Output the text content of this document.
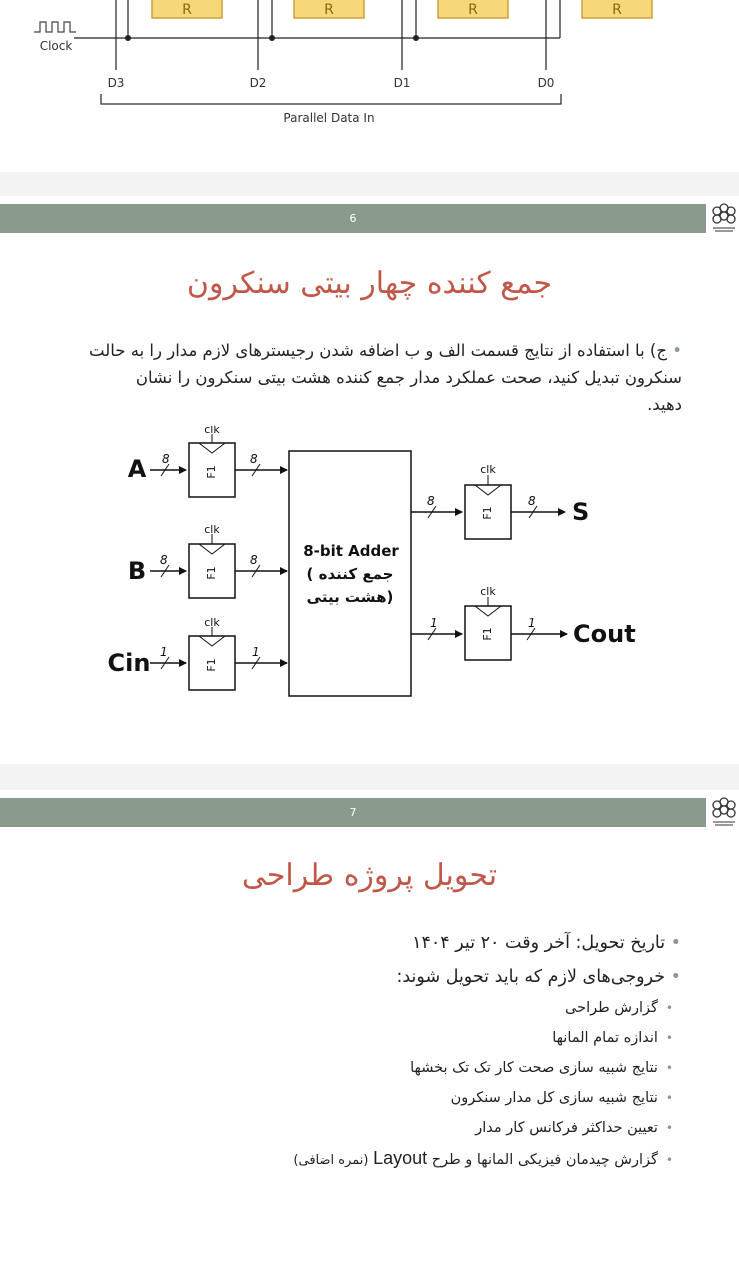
R	R	R	R
Clock
D3	D2	D1	D0
Parallel Data In
6
جمع کننده چهار بیتی سنکرون
• ج) با استفاده از نتایج قسمت الف و ب اضافه شدن رجیسترهای لازم مدار را به حالت
سنکرون تبدیل کنید، صحت عملکرد مدار جمع کننده هشت بیتی سنکرون را نشان
دهید.
A 8
F1
clk
8
B 8
F1
clk
8
Cin 1
F1
clk
1
8-bit Adder
جمع کننده )
(هشت بیتی
8
F1
clk
8 S
1
F1
clk
1 Cout
7
تحویل پروژه طراحی
• تاریخ تحویل: آخر وقت ۲۰ تیر ۱۴۰۴
• خروجی‌های لازم که باید تحویل شوند:
•گزارش طراحی
•اندازه تمام المانها
•نتایج شبیه سازی صحت کار تک تک بخشها
•نتایج شبیه سازی کل مدار سنکرون
•تعیین حداکثر فرکانس کار مدار
•گزارش چیدمان فیزیکی المانها و طرح Layout (نمره اضافی)
